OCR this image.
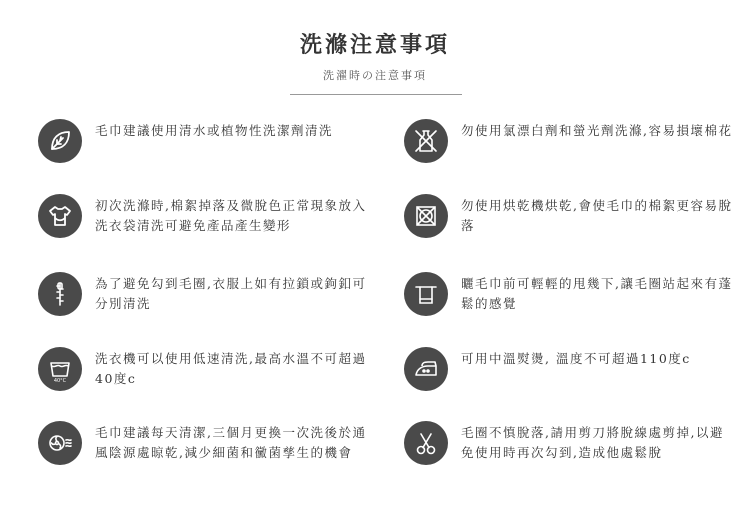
洗滌注意事項
洗濯時の注意事項
毛巾建議使用清水或植物性洗潔劑清洗
初次洗滌時,棉絮掉落及微脫色正常現象放入洗衣袋清洗可避免產品產生變形
為了避免勾到毛圈,衣服上如有拉鎖或鉤釦可分別清洗
40°C
洗衣機可以使用低速清洗,最高水溫不可超過40度c
毛巾建議每天清潔,三個月更換一次洗後於通風陰源處晾乾,減少細菌和黴菌孳生的機會
勿使用氯漂白劑和螢光劑洗滌,容易損壞棉花
勿使用烘乾機烘乾,會使毛巾的棉絮更容易脫落
曬毛巾前可輕輕的甩幾下,讓毛圈站起來有蓬鬆的感覺
可用中溫熨燙, 溫度不可超過110度c
毛圈不慎脫落,請用剪刀將脫線處剪掉,以避免使用時再次勾到,造成他處鬆脫
